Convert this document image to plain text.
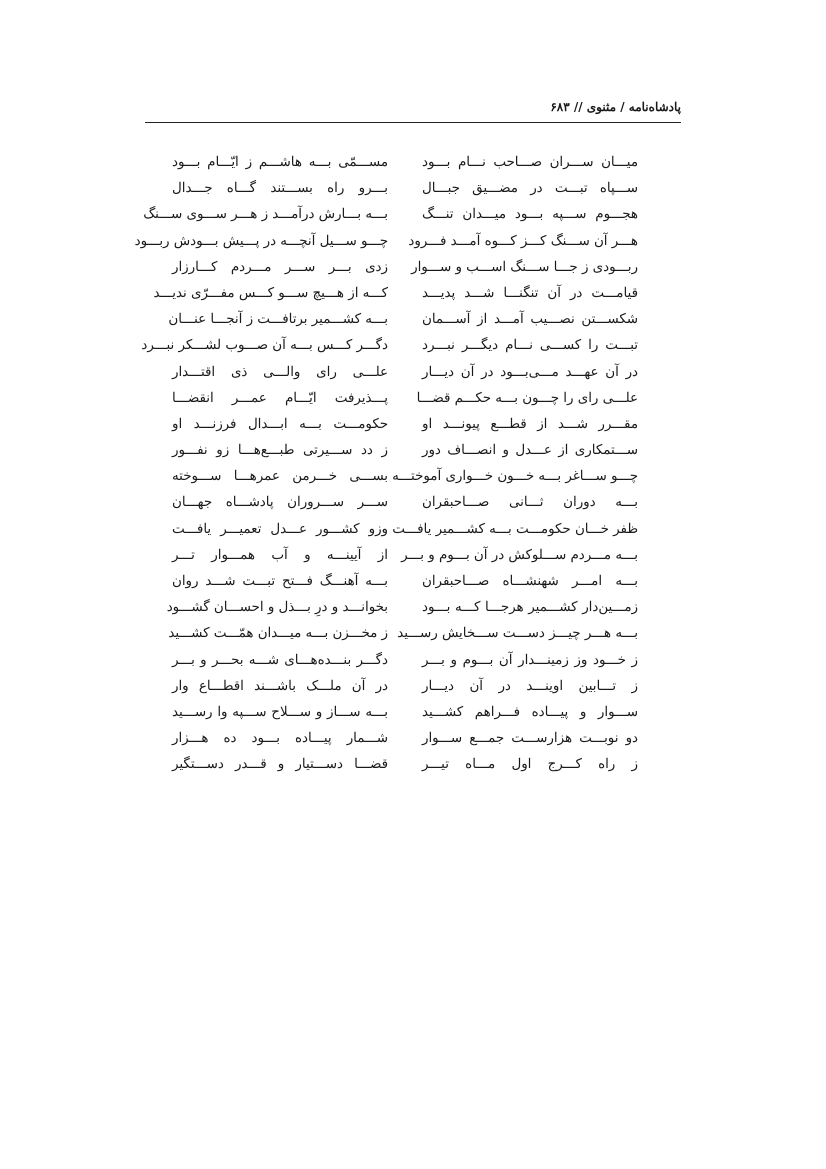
پادشاه‌نامه / مثنوی // ۶۸۳
میـــان ســـران صـــاحب نـــام بـــود
ســـپاه تبـــت در مضـــیق جبـــال
هجـــوم ســـپه بـــود میـــدان تنـــگ
هـــر آن ســـنگ کـــز کـــوه آمـــد فـــرود
ربـــودی ز جـــا ســـنگ اســـب و ســـوار
قیامـــت در آن تنگنـــا شـــد پدیـــد
شکســـتن نصـــیب آمـــد از آســـمان
تبـــت را کســـی نـــام دیگـــر نبـــرد
در آن عهـــد مـــی‌بـــود در آن دیـــار
علـــی رای را چـــون بـــه حکـــم قضـــا
مقـــرر شـــد از قطـــع پیونـــد او
ســـتمکاری از عـــدل و انصـــاف دور
چـــو ســـاغر بـــه خـــون خـــواری آموختـــه
بـــه دوران ثـــانی صـــاحبقران
ظفر خـــان حکومـــت بـــه کشـــمیر یافـــت
بـــه مـــردم ســـلوکش در آن بـــوم و بـــر
بـــه امـــر شهنشـــاه صـــاحبقران
زمـــین‌دار کشـــمیر هرجـــا کـــه بـــود
بـــه هـــر چیـــز دســـت ســـخایش رســـید
ز خـــود وز زمینـــدار آن بـــوم و بـــر
ز تـــابین اوینـــد در آن دیـــار
ســـوار و پیـــاده فـــراهم کشـــید
دو نوبـــت هزارســـت جمـــع ســـوار
ز راه کـــرج اول مـــاه تیـــر
مســـمّی بـــه هاشـــم ز ایّـــام بـــود
بـــرو راه بســـتند گـــاه جـــدال
بـــه بـــارش درآمـــد ز هـــر ســـوی ســـنگ
چـــو ســـیل آنچـــه در پـــیش بـــودش ربـــود
زدی بـــر ســـر مـــردم کـــارزار
کـــه از هـــیچ ســـو کـــس مفـــرّی ندیـــد
بـــه کشـــمیر برتافـــت ز آنجـــا عنـــان
دگـــر کـــس بـــه آن صـــوب لشـــکر نبـــرد
علـــی رای والـــی ذی اقتـــدار
پـــذیرفت ایّـــام عمـــر انقضـــا
حکومـــت بـــه ابـــدال فرزنـــد او
ز دد ســـیرتی طبـــع‌هـــا زو نفـــور
بســـی خـــرمن عمرهـــا ســـوخته
ســـر ســـروران پادشـــاه جهـــان
وزو کشـــور عـــدل تعمیـــر یافـــت
از آیینـــه و آب همـــوار تـــر
بـــه آهنـــگ فـــتح تبـــت شـــد روان
بخوانـــد و درِ بـــذل و احســـان گشـــود
ز مخـــزن بـــه میـــدان همّـــت کشـــید
دگـــر بنـــده‌هـــای شـــه بحـــر و بـــر
در آن ملـــک باشـــند اقطـــاع وار
بـــه ســـاز و ســـلاح ســـپه وا رســـید
شـــمار پیـــاده بـــود ده هـــزار
قضـــا دســـتیار و قـــدر دســـتگیر
